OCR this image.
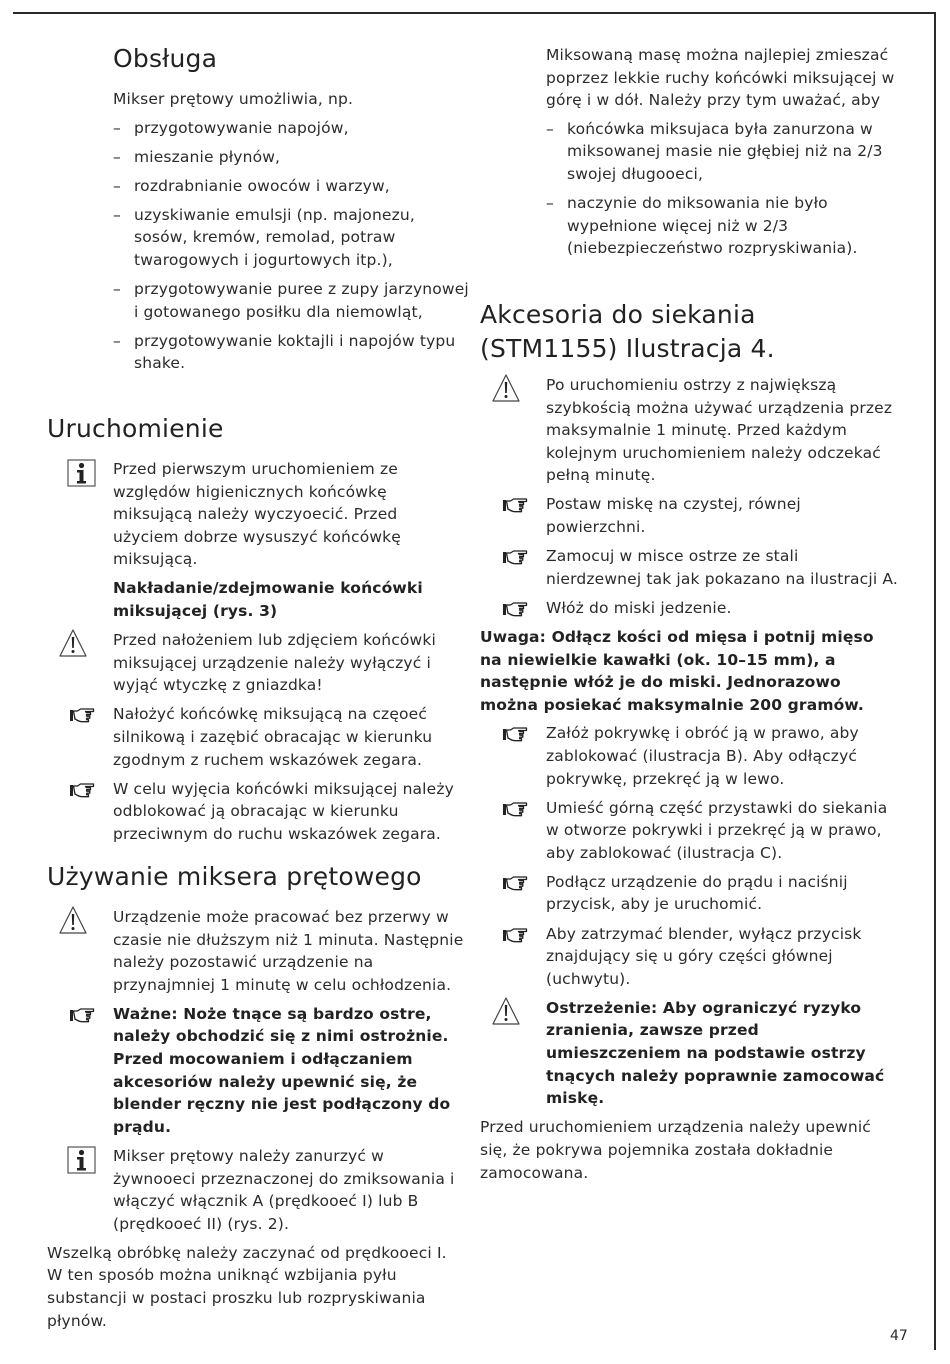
Obsługa

Mikser prętowy umożliwia, np.

– przygotowywanie napojów,
– mieszanie płynów,
– rozdrabnianie owoców i warzyw,
– uzyskiwanie emulsji (np. majonezu, sosów, kremów, remolad, potraw twarogowych i jogurtowych itp.),
– przygotowywanie puree z zupy jarzynowej i gotowanego posiłku dla niemowląt,
– przygotowywanie koktajli i napojów typu shake.
Uruchomienie
Przed pierwszym uruchomieniem ze względów higienicznych końcówkę miksującą należy wyczyoecić. Przed użyciem dobrze wysuszyć końcówkę miksującą.
Nakładanie/zdejmowanie końcówki miksującej (rys. 3)
Przed nałożeniem lub zdjęciem końcówki miksującej urządzenie należy wyłączyć i wyjąć wtyczkę z gniazdka!
Nałożyć końcówkę miksującą na częoeć silnikową i zazębić obracając w kierunku zgodnym z ruchem wskazówek zegara.
W celu wyjęcia końcówki miksującej należy odblokować ją obracając w kierunku przeciwnym do ruchu wskazówek zegara.
Używanie miksera prętowego
Urządzenie może pracować bez przerwy w czasie nie dłuższym niż 1 minuta. Następnie należy pozostawić urządzenie na przynajmniej 1 minutę w celu ochłodzenia.
Ważne: Noże tnące są bardzo ostre, należy obchodzić się z nimi ostrożnie. Przed mocowaniem i odłączaniem akcesoriów należy upewnić się, że blender ręczny nie jest podłączony do prądu.
Mikser prętowy należy zanurzyć w żywnooeci przeznaczonej do zmiksowania i włączyć włącznik A (prędkooeć I) lub B (prędkooeć II) (rys. 2).

Wszelką obróbkę należy zaczynać od prędkooeci I. W ten sposób można uniknąć wzbijania pyłu substancji w postaci proszku lub rozpryskiwania płynów.

Miksowaną masę można najlepiej zmieszać poprzez lekkie ruchy końcówki miksującej w górę i w dół. Należy przy tym uważać, aby

– końcówka miksujaca była zanurzona w miksowanej masie nie głębiej niż na 2/3 swojej długooeci,
– naczynie do miksowania nie było wypełnione więcej niż w 2/3 (niebezpieczeństwo rozpryskiwania).
Akcesoria do siekania (STM1155) Ilustracja 4.
Po uruchomieniu ostrzy z największą szybkością można używać urządzenia przez maksymalnie 1 minutę. Przed każdym kolejnym uruchomieniem należy odczekać pełną minutę.
Postaw miskę na czystej, równej powierzchni.
Zamocuj w misce ostrze ze stali nierdzewnej tak jak pokazano na ilustracji A.
Włóż do miski jedzenie.

Uwaga: Odłącz kości od mięsa i potnij mięso na niewielkie kawałki (ok. 10–15 mm), a następnie włóż je do miski. Jednorazowo można posiekać maksymalnie 200 gramów.

Załóż pokrywkę i obróć ją w prawo, aby zablokować (ilustracja B). Aby odłączyć pokrywkę, przekręć ją w lewo.
Umieść górną część przystawki do siekania w otworze pokrywki i przekręć ją w prawo, aby zablokować (ilustracja C).
Podłącz urządzenie do prądu i naciśnij przycisk, aby je uruchomić.
Aby zatrzymać blender, wyłącz przycisk znajdujący się u góry części głównej (uchwytu).
Ostrzeżenie: Aby ograniczyć ryzyko zranienia, zawsze przed umieszczeniem na podstawie ostrzy tnących należy poprawnie zamocować miskę.

Przed uruchomieniem urządzenia należy upewnić się, że pokrywa pojemnika została dokładnie zamocowana.

47
